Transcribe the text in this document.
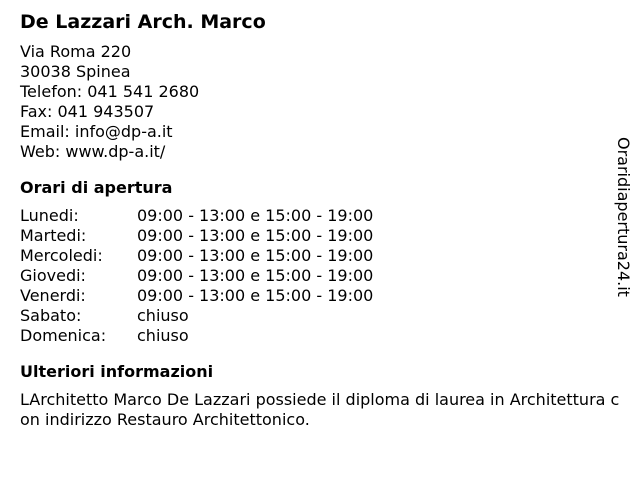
De Lazzari Arch. Marco
Via Roma 220
30038 Spinea
Telefon: 041 541 2680
Fax: 041 943507
Email: info@dp-a.it
Web: www.dp-a.it/
Orari di apertura
Lunedi:	09:00 - 13:00 e 15:00 - 19:00
Martedi:	09:00 - 13:00 e 15:00 - 19:00
Mercoledi:	09:00 - 13:00 e 15:00 - 19:00
Giovedi:	09:00 - 13:00 e 15:00 - 19:00
Venerdi:	09:00 - 13:00 e 15:00 - 19:00
Sabato:	chiuso
Domenica:	chiuso
Ulteriori informazioni
LArchitetto Marco De Lazzari possiede il diploma di laurea in Architettura con indirizzo Restauro Architettonico.
Oraridiapertura24.it
